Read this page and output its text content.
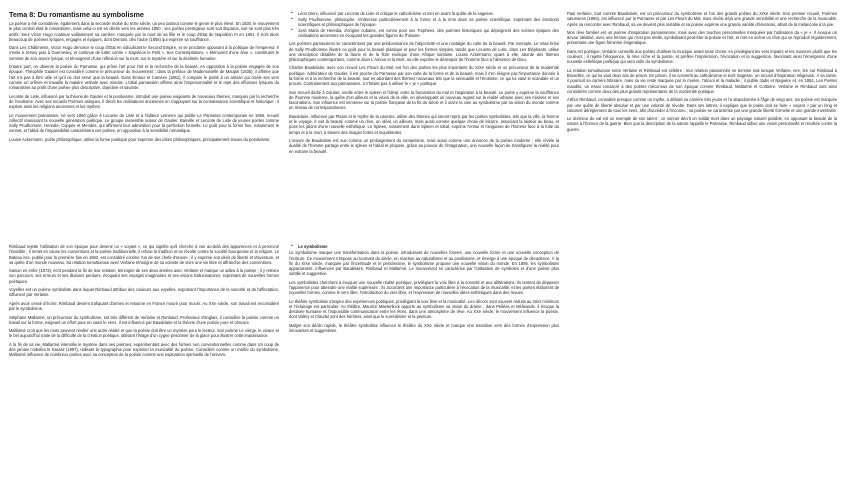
Tema 8: Du romantisme au symbolisme

La poésie a été considérée, également dans la seconde moitié du XIXe siècle, un peu partout comme le genre le plus élevé. En 1830, le mouvement le plus central était le romantisme, mais celui-ci est en déclin vers les années 1850 : ses poètes prestigieux sont soit disparus, soit ne sont plus très actifs. Seul Victor Hugo continue vaillamment sa carrière, marquée par la mort de sa fille et le coup d'État de Napoléon III en 1851. Il écrit alors beaucoup de poèmes lyriques, engagés et épiques, dont Demain, dès l'aube (1856) qui exprime sa souffrance.

Dans Les Châtiments, Victor Hugo dénonce le coup d'État en ridiculisant le Second Empire, et se proclame opposant à la politique de l'empereur. Il s'exile à Jersey puis à Guernesey, et continue de lutter contre « Napoléon le Petit ». Ses Contemplations, « Mémoires d'une âme », constituent le sommet de son œuvre lyrique, et témoignent d'une réflexion sur la mort, sur le mystère et sur la destinée humaine.

D'autre part, on observe la poésie du Parnasse, qui prône l'art pour l'art et la recherche de la beauté, en opposition à la poésie engagée de son époque. Théophile Gautier est considéré comme le précurseur du mouvement ; dans la préface de Mademoiselle de Maupin (1835), il affirme que l'art n'a pas à être utile et qu'il ne doit servir que la beauté. Dans Émaux et Camées (1852), il compare le poète à un artisan qui cisèle ses vers comme un orfèvre et travaille la matière verbale avec minutie. L'idéal parnassien affirme ainsi l'impersonnalité et le rejet des effusions lyriques du romantisme au profit d'une poésie plus descriptive, objective et savante.

Leconte de Lisle, influencé par la théorie de Gautier et la positivisme, introduit une poésie exigeante de nouveaux thèmes, marqués par la recherche de l'exotisme. Avec ses recueils Poèmes antiques, il décrit les civilisations anciennes en s'appuyant sur la connaissance scientifique et historique ; il explore ainsi les religions anciennes et les mythes.

Le mouvement parnassien, né vers 1860 grâce à Leconte de Lisle et à l'éditeur Lemerre qui publie Le Parnasse contemporain en 1866, recueil collectif réunissant la nouvelle génération poétique. Le groupe rassemble autour de Gautier, Banville et Leconte de Lisle de jeunes poètes comme Sully Prudhomme, Heredia, Coppée et Mendès, qui affirment leur admiration pour la perfection formelle. Le goût pour la forme fixe, notamment le sonnet, et l'idéal de l'impassibilité caractérisent ces poètes, en opposition à la sensibilité romantique.

Louise Ackermann, poète philosophique, utilise la forme poétique pour exprimer des idées philosophiques, principalement issues du positivisme.

• Léon Dierx, influencé par Leconte de Lisle et critique le catholicisme et met en avant la quête de la sagesse.
• Sully Prudhomme, philosophe, s'intéresse particulièrement à la forme et à la rime dans sa poésie scientifique, exprimant des émotions scientifiques et philosophiques de l'époque.
• José Maria de Heredia, d'origine cubaine, est connu pour ses Trophées, des poèmes historiques qui dépeignent des scènes épiques des civilisations anciennes en évoquant les grandes figures de l'histoire.

Les poèmes parnassiens se caractérisent par une prédominance de l'objectivité et une nostalgie du culte de la beauté. Par exemple, Le Vase brisé de Sully Prudhomme illustre ce goût pour la beauté plastique et pour les formes simples, tandis que Leconte de Lisle, dans Les Éléphants, utilise une description détaillée de la faune et de la flore exotique d'une Afrique lointaine. Louise Ackermann, quant à elle, aborde des thèmes philosophiques contemporains, comme dans L'Amour et la Mort, où elle exprime le désespoir de l'homme face à l'absence de Dieu.

Charles Baudelaire, avec son recueil Les Fleurs du Mal, est l'un des poètes les plus importants du XIXe siècle et un précurseur de la modernité poétique. Admirateur de Gautier, il est proche du Parnasse par son culte de la forme et de la beauté, mais il s'en éloigne par l'importance donnée à la forme et à la recherche de la beauté, tout en abordant des thèmes nouveaux tels que la sensualité et l'érotisme, ce qui lui valut le scandale et un procès. Contrairement aux parnassiens, il n'hésite pas à utiliser le « je » poétique.

Son recueil dédié à Gautier, oscille entre le spleen et l'idéal, entre la fascination du mal et l'aspiration à la beauté. Le poète y exprime la souffrance de l'homme moderne, la quête d'un ailleurs et la vision de la ville, en développant un nouveau regard sur la réalité urbaine avec ses misères et ses fascinations. Son influence est immense sur la poésie française de la fin du siècle et il ouvre la voie au symbolisme par sa vision du monde comme un réseau de correspondances.

Baudelaire, influencé par Platon et le mythe de la caverne, utilise des thèmes qui seront repris par les poètes symbolistes, tels que la ville, la femme et le voyage. Il voit la beauté comme un rêve, un idéal, un ailleurs, mais aussi comme quelque chose de bizarre, associant la laideur au beau, et pose les jalons d'une nouvelle esthétique. Le Spleen, notamment dans Spleen et Idéal, exprime l'ennui et l'angoisse de l'homme face à la fuite du temps et à la mort, à travers des images fortes et inquiétantes.

L'œuvre de Baudelaire est vue comme un prolongement du romantisme, mais aussi comme une annonce de la poésie moderne ; elle révèle la dualité de l'homme partagé entre le spleen et l'idéal et propose, grâce au pouvoir de l'imagination, une nouvelle façon de transfigurer la réalité pour en extraire la beauté.

Paul Verlaine, tout comme Baudelaire, est un précurseur du symbolisme et l'un des grands poètes du XIXe siècle. Son premier recueil, Poèmes saturniens (1866), est influencé par le Parnasse et par Les Fleurs du Mal, mais révèle déjà une grande sensibilité et une recherche de la musicalité. Après sa rencontre avec Rimbaud, sa vie devient plus instable et sa poésie exprime une grande variété d'émotions, allant de la mélancolie à la joie.

Mon rêve familier est un poème d'inspiration parnassienne, mais avec des touches personnelles marquées par l'utilisation du « je ». Il évoque un amour idéalisé, avec une femme qui n'est pas réelle, symbolisant peut-être la poésie et l'art, et met en scène un rêve qui se reproduit régulièrement, présentant une figure féminine énigmatique.

Dans Art poétique, Verlaine conseille aux poètes d'utiliser la musique avant toute chose, en privilégiant les vers impairs et les nuances plutôt que les couleurs ; il rejette l'éloquence, la rime riche et la pointe, et préfère l'imprécision, l'évocation et la suggestion, favorisant ainsi l'émergence d'une nouvelle esthétique poétique qui sera celle du symbolisme.

La relation tumultueuse entre Verlaine et Rimbaud est célèbre ; leur relation passionnée se termine mal lorsque Verlaine, ivre, tire sur Rimbaud à Bruxelles, ce qui lui vaut deux ans de prison. En prison, il se convertit au catholicisme et écrit Sagesse, un recueil d'inspiration religieuse. À sa sortie, il poursuit sa carrière littéraire, mais sa vie reste marquée par la misère, l'alcool et la maladie ; il publie Jadis et Naguère et, en 1884, Les Poètes maudits, un essai consacré à des poètes méconnus de son époque comme Rimbaud, Mallarmé et Corbière. Verlaine et Rimbaud sont ainsi considérés comme deux des plus grands représentants de la modernité poétique.

Arthur Rimbaud, considéré presque comme un mythe, a débuté sa carrière très jeune et l'a abandonnée à l'âge de vingt ans. Sa poésie est marquée par une quête de liberté absolue et par une volonté de révolte. Dans ses lettres, il explique que le poète doit se faire « voyant » par un long et raisonné dérèglement de tous les sens, afin d'accéder à l'inconnu ; sa poésie se caractérise par une grande liberté formelle et une grande inventivité.

Le dormeur du val est un exemple de son talent ; ce sonnet décrit un soldat mort dans un paysage naturel paisible, en opposant la beauté de la nature à l'horreur de la guerre. Bien que la description de la nature rappelle le Parnasse, Rimbaud utilise une vision personnelle et révoltée contre la guerre.

Rimbaud rejette l'utilisation de son époque pour devenir un « voyant », ce qui signifie qu'il cherche à voir au-delà des apparences et à percevoir l'invisible ; il remet en cause les conventions et la poésie traditionnelle, il refuse la tradition et se révolte contre la société bourgeoise et la religion. Le Bateau ivre, publié pour la première fois en 1883, est considéré comme l'un de ses chefs-d'œuvre ; il y exprime son désir de liberté et d'aventure, et sa quête d'un monde nouveau. Sa relation tumultueuse avec Verlaine témoigne de sa volonté de vivre une vie libre et affranchie des conventions.

Saison en enfer (1873), écrit pendant la fin de leur relation, témoigne de ses deux années avec Verlaine et marque un adieu à la poésie ; il y retrace son parcours, ses erreurs et ses illusions perdues, évoquant ses voyages imaginaires et ses visions hallucinatoires, exprimant de nouvelles formes poétiques.

Voyelles est un poème symboliste dans lequel Rimbaud attribue des couleurs aux voyelles, exprimant l'importance de la sonorité et de l'affectation, influencé par Verlaine.

Après avoir cessé d'écrire, Rimbaud devient trafiquant d'armes et retourne en France mourir pour mourir. Au XXe siècle, son travail est reconsidéré par le symbolisme.

Stéphane Mallarmé, un précurseur du symbolisme, est très différent de Verlaine et Rimbaud. Professeur d'anglais, il considère la poésie comme un travail sur la forme, exigeant un effort pour en saisir le sens. Il est influencé par Baudelaire et la théorie d'une poésie pure et obscure.

Mallarmé croit que les mots peuvent révéler une autre réalité et que la poésie doit être un mystère pour le lecteur. Son poème Le vierge, le vivace et le bel aujourd'hui traite de la difficulté de la création poétique, utilisant l'image d'un cygne prisonnier de la glace pour illustrer cette impuissance.

À la fin de sa vie, Mallarmé intensifie le mystère dans ses poèmes, expérimentant avec des formes non conventionnelles comme dans Un coup de dés jamais n'abolira le hasard (1897), utilisant la typographie pour exprimer la musicalité du poème. Considéré comme un maître du symbolisme, Mallarmé influence de nombreux poètes avec sa conception de la poésie comme une exploration spirituelle de l'univers.

• Le symbolisme

Le symbolisme marque une transformation dans la poésie, introduisant de nouvelles formes, une nouvelle forme et une nouvelle conception de l'écriture. Ce mouvement s'impose au tournant du siècle, en réaction au naturalisme et au positivisme, et émerge à une époque de décadence. À la fin du XIXe siècle, marquée par l'incertitude et le pessimisme, le symbolisme propose une nouvelle vision du monde. En 1886, les symbolistes apparaissent, influencés par Baudelaire, Rimbaud et Mallarmé. Le mouvement se caractérise par l'utilisation de symboles et d'une poésie plus subtile et suggestive.

Les symbolistes cherchent à évoquer une nouvelle réalité poétique, privilégiant la voix libre à la sonorité et aux allitérations. Ils tentent de dépasser l'apparence pour atteindre une réalité supérieure ; ils accordent une importance particulière à l'évocation de la musicalité, et les poètes élaborent de nouvelles formes, comme le vers libre, l'introduction du vers libre, et l'expression de nouvelles idées esthétiques dans des revues.

Le théâtre symboliste s'inspire des expériences poétiques, privilégiant la voix libre et la musicalité. Les décors sont souvent réduits au strict minimum et l'éclairage est particulier. Au théâtre, Maurice Maeterlinck apporte au symbolisme sa vision du drame ; dans Pelléas et Mélisande, il évoque la destinée humaine et l'impossible communication entre les êtres, dans une atmosphère de rêve. Au XXe siècle, le mouvement influence la poésie, dont Valéry et Claudel sont des héritiers, ainsi que le surréalisme et la peinture.

Malgré son déclin rapide, le théâtre symboliste influence le théâtre du XXe siècle et marque une transition vers des formes d'expression plus innovantes et suggestives.
